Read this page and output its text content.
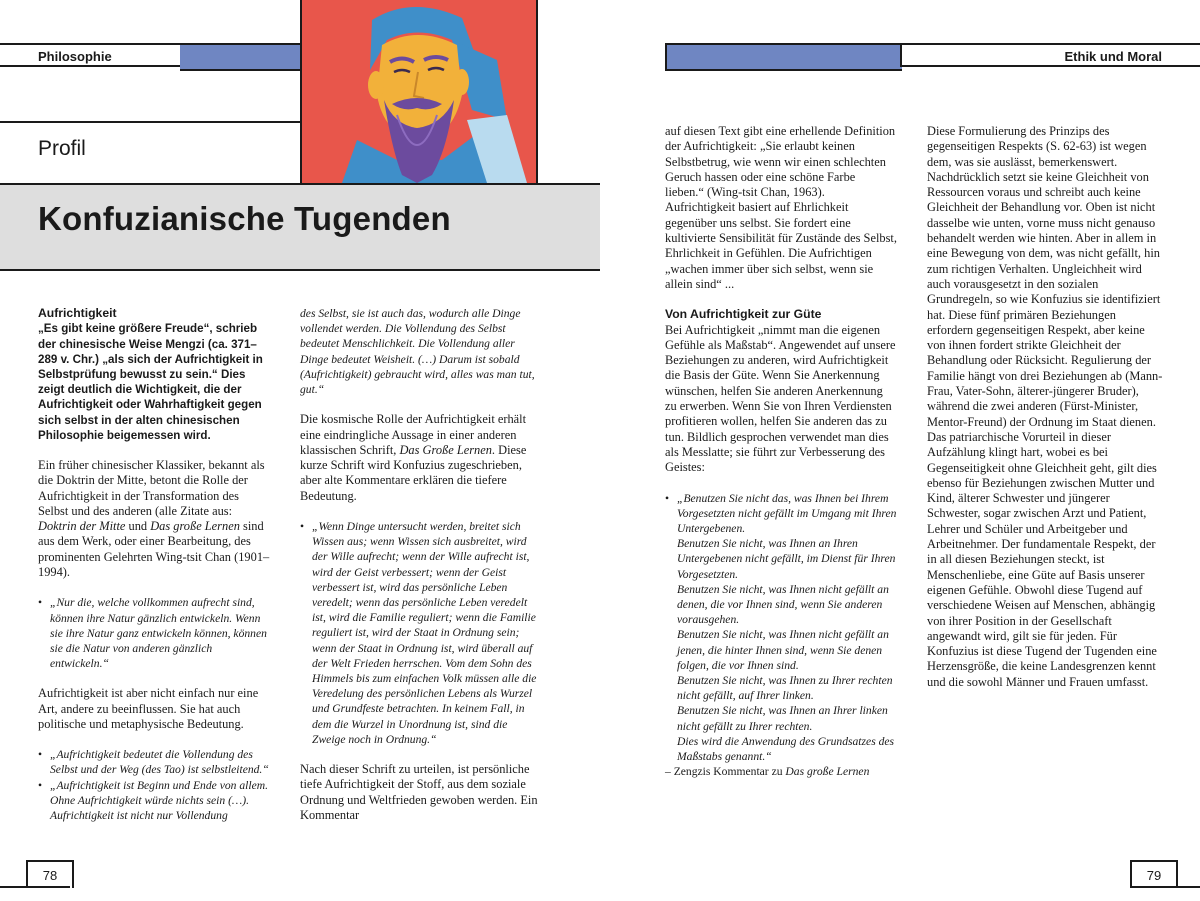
Philosophie	Ethik und Moral
Profil
Konfuzianische Tugenden
Aufrichtigkeit

„Es gibt keine größere Freude“, schrieb der chinesische Weise Mengzi (ca. 371–289 v. Chr.) „als sich der Aufrichtigkeit in Selbstprüfung bewusst zu sein.“ Dies zeigt deutlich die Wichtigkeit, die der Aufrichtigkeit oder Wahrhaftigkeit gegen sich selbst in der alten chinesischen Philosophie beigemessen wird.

Ein früher chinesischer Klassiker, bekannt als die Doktrin der Mitte, betont die Rolle der Aufrichtigkeit in der Transformation des Selbst und des anderen (alle Zitate aus: Doktrin der Mitte und Das große Lernen sind aus dem Werk, oder einer Bearbeitung, des prominenten Gelehrten Wing-tsit Chan (1901–1994).

• „Nur die, welche vollkommen aufrecht sind, können ihre Natur gänzlich entwickeln. Wenn sie ihre Natur ganz entwickeln können, können sie die Natur von anderen gänzlich entwickeln.“

Aufrichtigkeit ist aber nicht einfach nur eine Art, andere zu beeinflussen. Sie hat auch politische und metaphysische Bedeutung.

• „Aufrichtigkeit bedeutet die Vollendung des Selbst und der Weg (des Tao) ist selbstleitend.“
• „Aufrichtigkeit ist Beginn und Ende von allem. Ohne Aufrichtigkeit würde nichts sein (…). Aufrichtigkeit ist nicht nur Vollendung

des Selbst, sie ist auch das, wodurch alle Dinge vollendet werden. Die Vollendung des Selbst bedeutet Menschlichkeit. Die Vollendung aller Dinge bedeutet Weisheit. (…) Darum ist sobald (Aufrichtigkeit) gebraucht wird, alles was man tut, gut.“

Die kosmische Rolle der Aufrichtigkeit erhält eine eindringliche Aussage in einer anderen klassischen Schrift, Das Große Lernen. Diese kurze Schrift wird Konfuzius zugeschrieben, aber alte Kommentare erklären die tiefere Bedeutung.

• „Wenn Dinge untersucht werden, breitet sich Wissen aus; wenn Wissen sich ausbreitet, wird der Wille aufrecht; wenn der Wille aufrecht ist, wird der Geist verbessert; wenn der Geist verbessert ist, wird das persönliche Leben veredelt; wenn das persönliche Leben veredelt ist, wird die Familie reguliert; wenn die Familie reguliert ist, wird der Staat in Ordnung sein; wenn der Staat in Ordnung ist, wird überall auf der Welt Frieden herrschen. Vom dem Sohn des Himmels bis zum einfachen Volk müssen alle die Veredelung des persönlichen Lebens als Wurzel und Grundfeste betrachten. In keinem Fall, in dem die Wurzel in Unordnung ist, sind die Zweige noch in Ordnung.“

Nach dieser Schrift zu urteilen, ist persönliche tiefe Aufrichtigkeit der Stoff, aus dem soziale Ordnung und Weltfrieden gewoben werden. Ein Kommentar

auf diesen Text gibt eine erhellende Definition der Aufrichtigkeit: „Sie erlaubt keinen Selbstbetrug, wie wenn wir einen schlechten Geruch hassen oder eine schöne Farbe lieben.“ (Wing-tsit Chan, 1963). Aufrichtigkeit basiert auf Ehrlichkeit gegenüber uns selbst. Sie fordert eine kultivierte Sensibilität für Zustände des Selbst, Ehrlichkeit in Gefühlen. Die Aufrichtigen „wachen immer über sich selbst, wenn sie allein sind“ ...

Von Aufrichtigkeit zur Güte

Bei Aufrichtigkeit „nimmt man die eigenen Gefühle als Maßstab“. Angewendet auf unsere Beziehungen zu anderen, wird Aufrichtigkeit die Basis der Güte. Wenn Sie Anerkennung wünschen, helfen Sie anderen Anerkennung zu erwerben. Wenn Sie von Ihren Verdiensten profitieren wollen, helfen Sie anderen das zu tun. Bildlich gesprochen verwendet man dies als Messlatte; sie führt zur Verbesserung des Geistes:

• „Benutzen Sie nicht das, was Ihnen bei Ihrem Vorgesetzten nicht gefällt im Umgang mit Ihren Untergebenen.
Benutzen Sie nicht, was Ihnen an Ihren Untergebenen nicht gefällt, im Dienst für Ihren Vorgesetzten.
Benutzen Sie nicht, was Ihnen nicht gefällt an denen, die vor Ihnen sind, wenn Sie anderen vorausgehen.
Benutzen Sie nicht, was Ihnen nicht gefällt an jenen, die hinter Ihnen sind, wenn Sie denen folgen, die vor Ihnen sind.
Benutzen Sie nicht, was Ihnen zu Ihrer rechten nicht gefällt, auf Ihrer linken.
Benutzen Sie nicht, was Ihnen an Ihrer linken nicht gefällt zu Ihrer rechten.
Dies wird die Anwendung des Grundsatzes des Maßstabs genannt.“
– Zengzis Kommentar zu Das große Lernen

Diese Formulierung des Prinzips des gegenseitigen Respekts (S. 62-63) ist wegen dem, was sie auslässt, bemerkenswert. Nachdrücklich setzt sie keine Gleichheit von Ressourcen voraus und schreibt auch keine Gleichheit der Behandlung vor. Oben ist nicht dasselbe wie unten, vorne muss nicht genauso behandelt werden wie hinten. Aber in allem in eine Bewegung von dem, was nicht gefällt, hin zum richtigen Verhalten. Ungleichheit wird auch vorausgesetzt in den sozialen Grundregeln, so wie Konfuzius sie identifiziert hat. Diese fünf primären Beziehungen erfordern gegenseitigen Respekt, aber keine von ihnen fordert strikte Gleichheit der Behandlung oder Rücksicht. Regulierung der Familie hängt von drei Beziehungen ab (Mann-Frau, Vater-Sohn, älterer-jüngerer Bruder), während die zwei anderen (Fürst-Minister, Mentor-Freund) der Ordnung im Staat dienen. Das patriarchische Vorurteil in dieser Aufzählung klingt hart, wobei es bei Gegenseitigkeit ohne Gleichheit geht, gilt dies ebenso für Beziehungen zwischen Mutter und Kind, älterer Schwester und jüngerer Schwester, sogar zwischen Arzt und Patient, Lehrer und Schüler und Arbeitgeber und Arbeitnehmer. Der fundamentale Respekt, der in all diesen Beziehungen steckt, ist Menschenliebe, eine Güte auf Basis unserer eigenen Gefühle. Obwohl diese Tugend auf verschiedene Weisen auf Menschen, abhängig von ihrer Position in der Gesellschaft angewandt wird, gilt sie für jeden. Für Konfuzius ist diese Tugend der Tugenden eine Herzensgröße, die keine Landesgrenzen kennt und die sowohl Männer und Frauen umfasst.

78	79
